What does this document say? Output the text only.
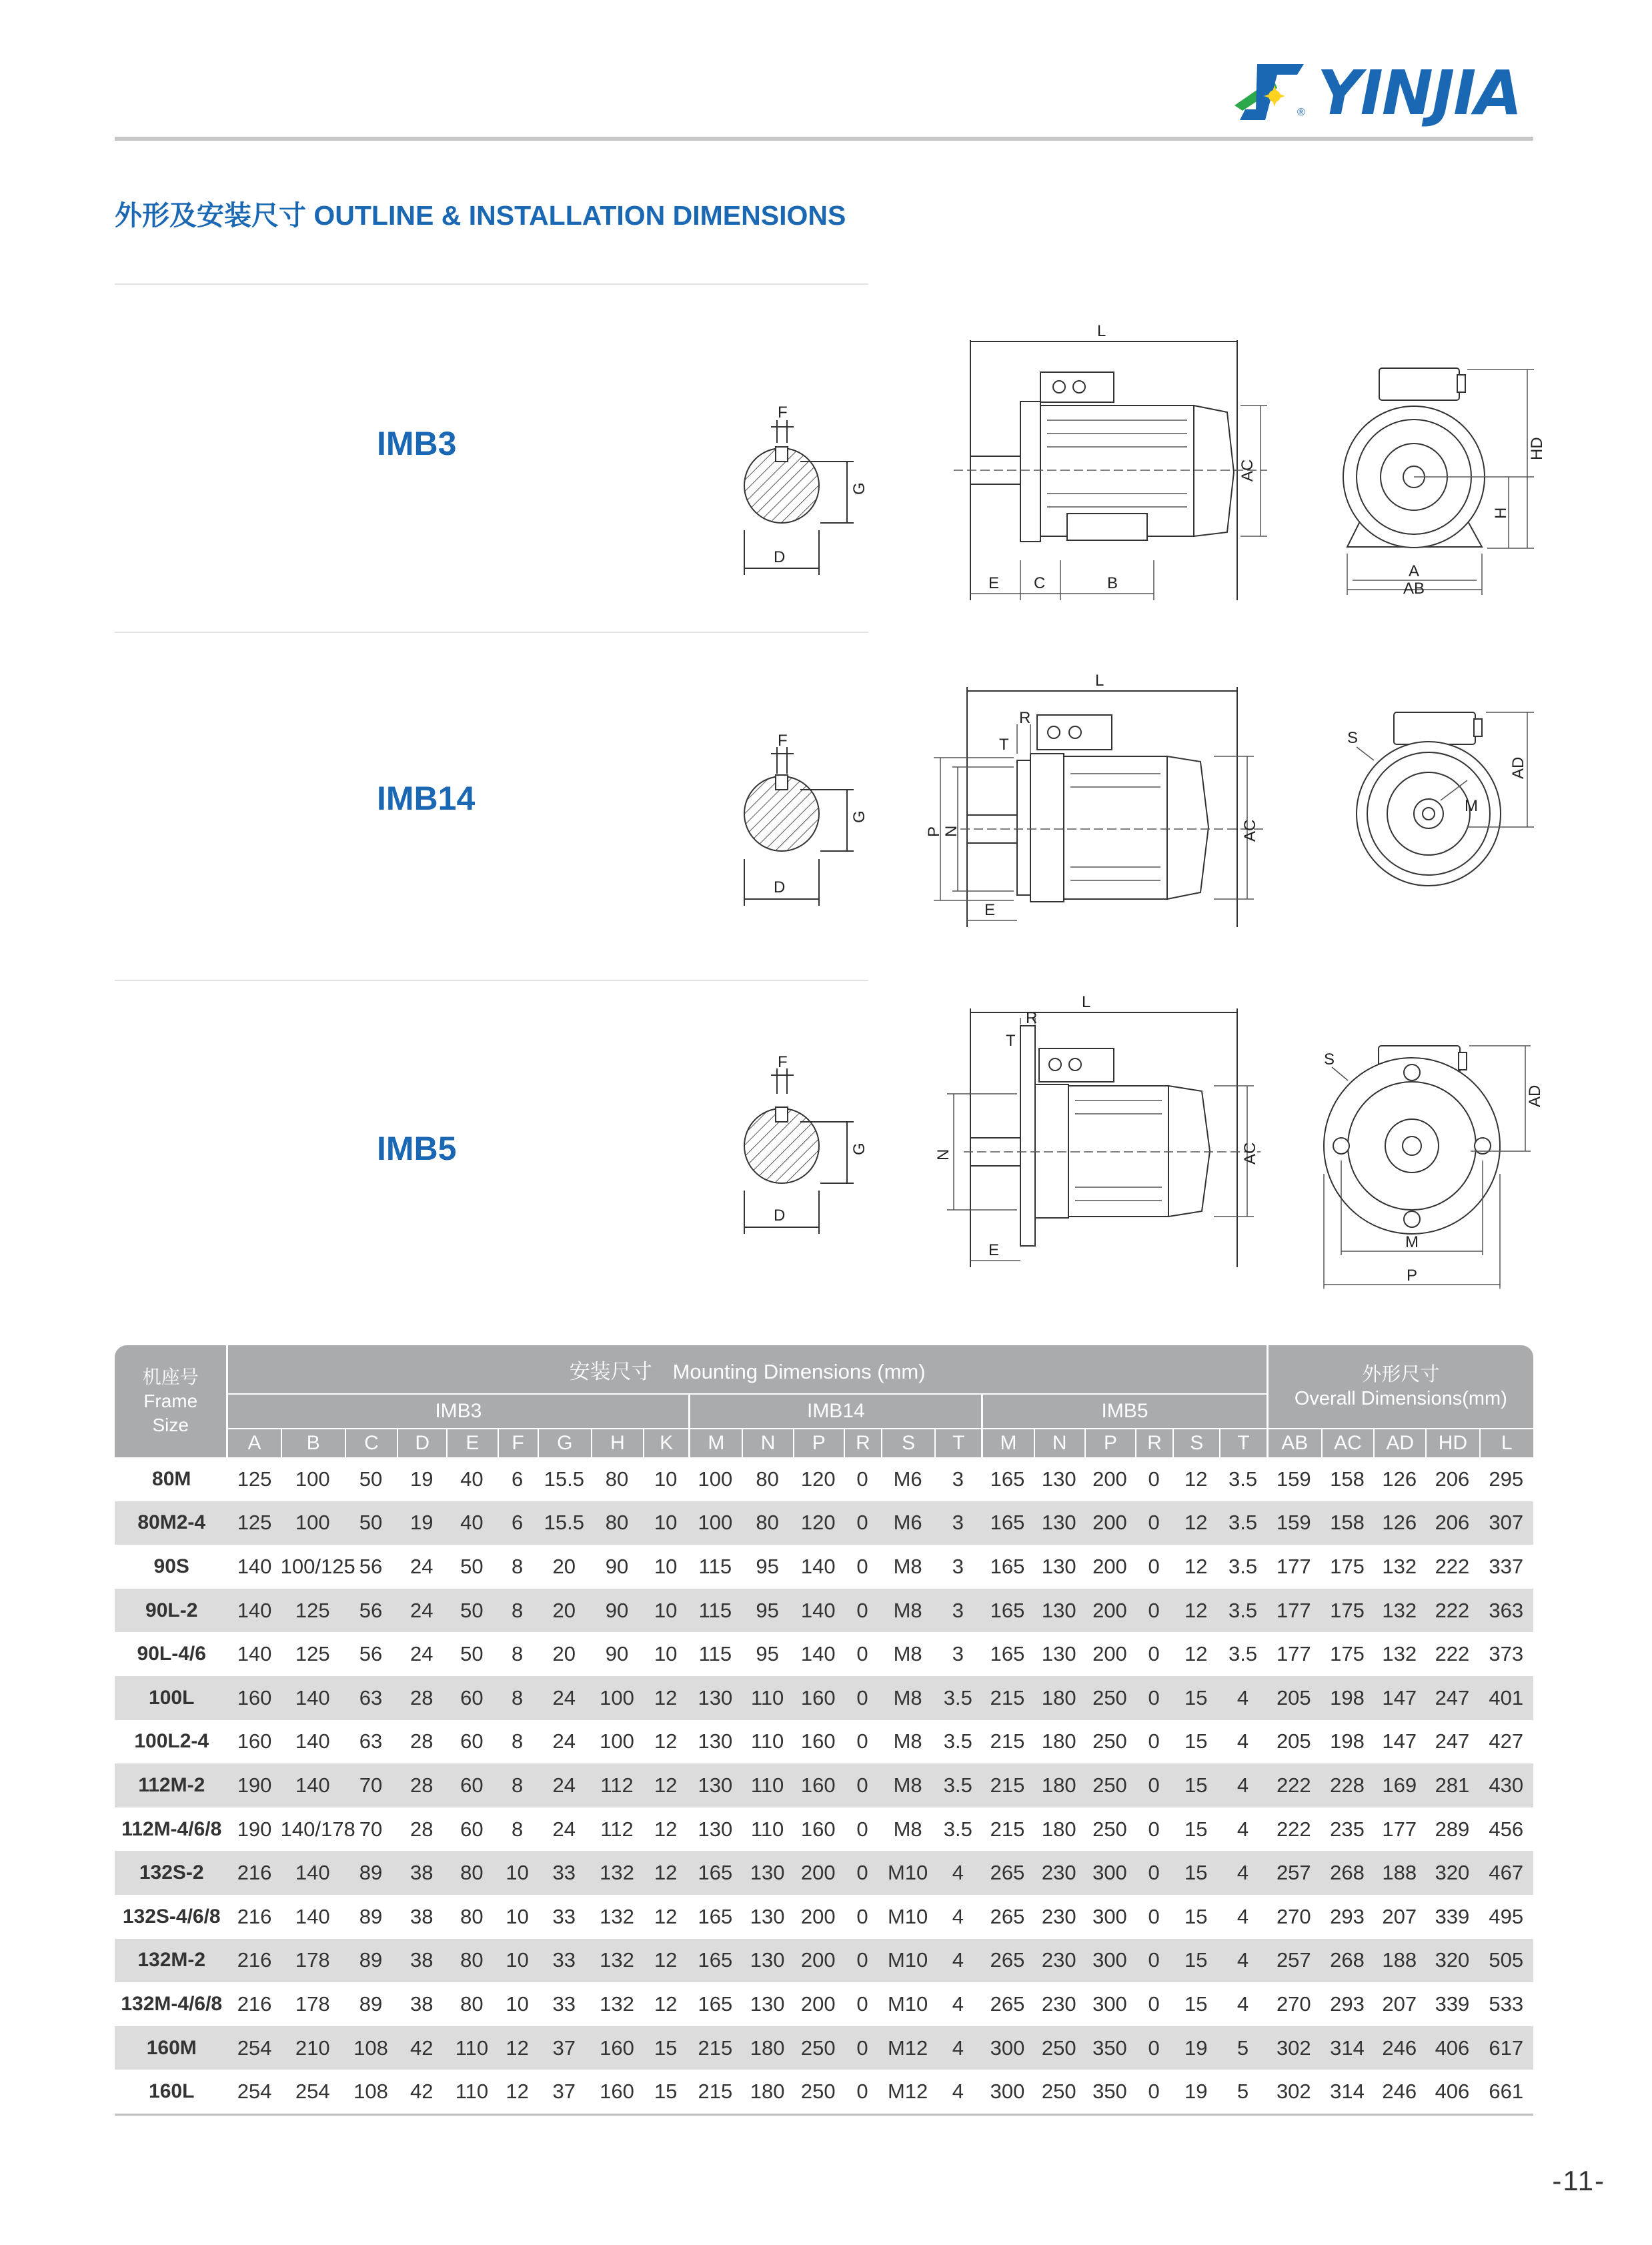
® YINJIA
外形及安装尺寸 OUTLINE & INSTALLATION DIMENSIONS
IMB3
IMB14
IMB5
F
D
G
L
AC
E C	B
HD
H
A
AB
F
D
G
L
R
T
P N	AC
E
M
S
AD
F
D
G
L
R
T
N	AC
E
S
AD
M
P
机座号
Frame
Size	安装尺寸　Mounting Dimensions (mm)																					外形尺寸
Overall Dimensions(mm)				
	IMB3									IMB14						IMB5										
	A	B	C	D	E	F	G	H	K	M	N	P	R	S	T	M	N	P	R	S	T	AB	AC	AD	HD	L
80M	125	100	50	19	40	6	15.5	80	10	100	80	120	0	M6	3	165	130	200	0	12	3.5	159	158	126	206	295
80M2-4	125	100	50	19	40	6	15.5	80	10	100	80	120	0	M6	3	165	130	200	0	12	3.5	159	158	126	206	307
90S	140	100/125	56	24	50	8	20	90	10	115	95	140	0	M8	3	165	130	200	0	12	3.5	177	175	132	222	337
90L-2	140	125	56	24	50	8	20	90	10	115	95	140	0	M8	3	165	130	200	0	12	3.5	177	175	132	222	363
90L-4/6	140	125	56	24	50	8	20	90	10	115	95	140	0	M8	3	165	130	200	0	12	3.5	177	175	132	222	373
100L	160	140	63	28	60	8	24	100	12	130	110	160	0	M8	3.5	215	180	250	0	15	4	205	198	147	247	401
100L2-4	160	140	63	28	60	8	24	100	12	130	110	160	0	M8	3.5	215	180	250	0	15	4	205	198	147	247	427
112M-2	190	140	70	28	60	8	24	112	12	130	110	160	0	M8	3.5	215	180	250	0	15	4	222	228	169	281	430
112M-4/6/8	190	140/178	70	28	60	8	24	112	12	130	110	160	0	M8	3.5	215	180	250	0	15	4	222	235	177	289	456
132S-2	216	140	89	38	80	10	33	132	12	165	130	200	0	M10	4	265	230	300	0	15	4	257	268	188	320	467
132S-4/6/8	216	140	89	38	80	10	33	132	12	165	130	200	0	M10	4	265	230	300	0	15	4	270	293	207	339	495
132M-2	216	178	89	38	80	10	33	132	12	165	130	200	0	M10	4	265	230	300	0	15	4	257	268	188	320	505
132M-4/6/8	216	178	89	38	80	10	33	132	12	165	130	200	0	M10	4	265	230	300	0	15	4	270	293	207	339	533
160M	254	210	108	42	110	12	37	160	15	215	180	250	0	M12	4	300	250	350	0	19	5	302	314	246	406	617
160L	254	254	108	42	110	12	37	160	15	215	180	250	0	M12	4	300	250	350	0	19	5	302	314	246	406	661
-11-
